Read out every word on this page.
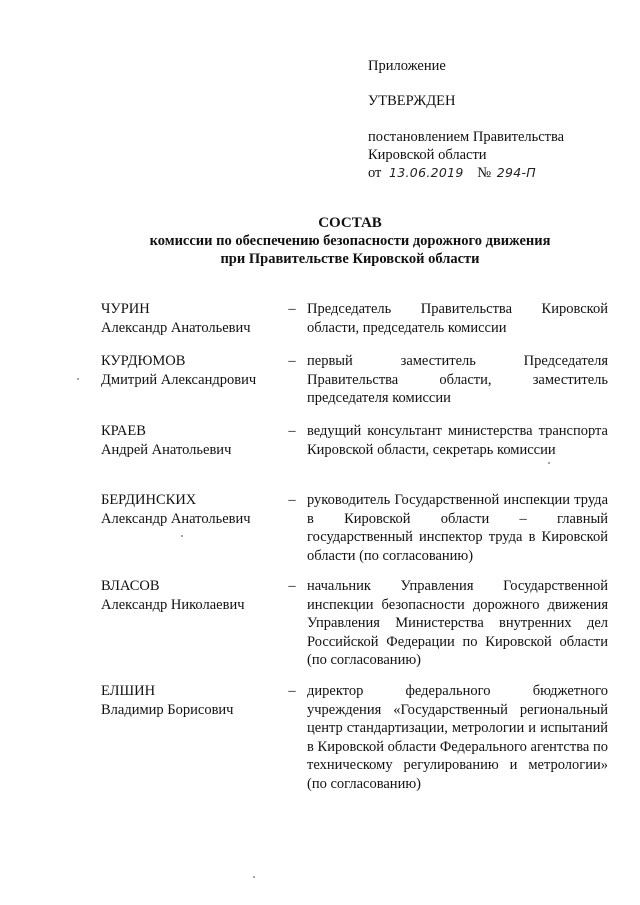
Приложение
УТВЕРЖДЕН
постановлением Правительства
Кировской области
от 13.06.2019 № 294-П
СОСТАВ
комиссии по обеспечению безопасности дорожного движения
при Правительстве Кировской области
ЧУРИН
Александр Анатольевич
– Председатель Правительства Кировской области, председатель комиссии
КУРДЮМОВ
Дмитрий Александрович
– первый заместитель Председателя Правительства области, заместитель председателя комиссии
КРАЕВ
Андрей Анатольевич
– ведущий консультант министерства транспорта Кировской области, секретарь комиссии
БЕРДИНСКИХ
Александр Анатольевич
– руководитель Государственной инспекции труда в Кировской области – главный государственный инспектор труда в Кировской области (по согласованию)
ВЛАСОВ
Александр Николаевич
– начальник Управления Государственной инспекции безопасности дорожного движения Управления Министерства внутренних дел Российской Федерации по Кировской области (по согласованию)
ЕЛШИН
Владимир Борисович
– директор федерального бюджетного учреждения «Государственный региональный центр стандартизации, метрологии и испытаний в Кировской области Федерального агентства по техническому регулированию и метрологии» (по согласованию)
